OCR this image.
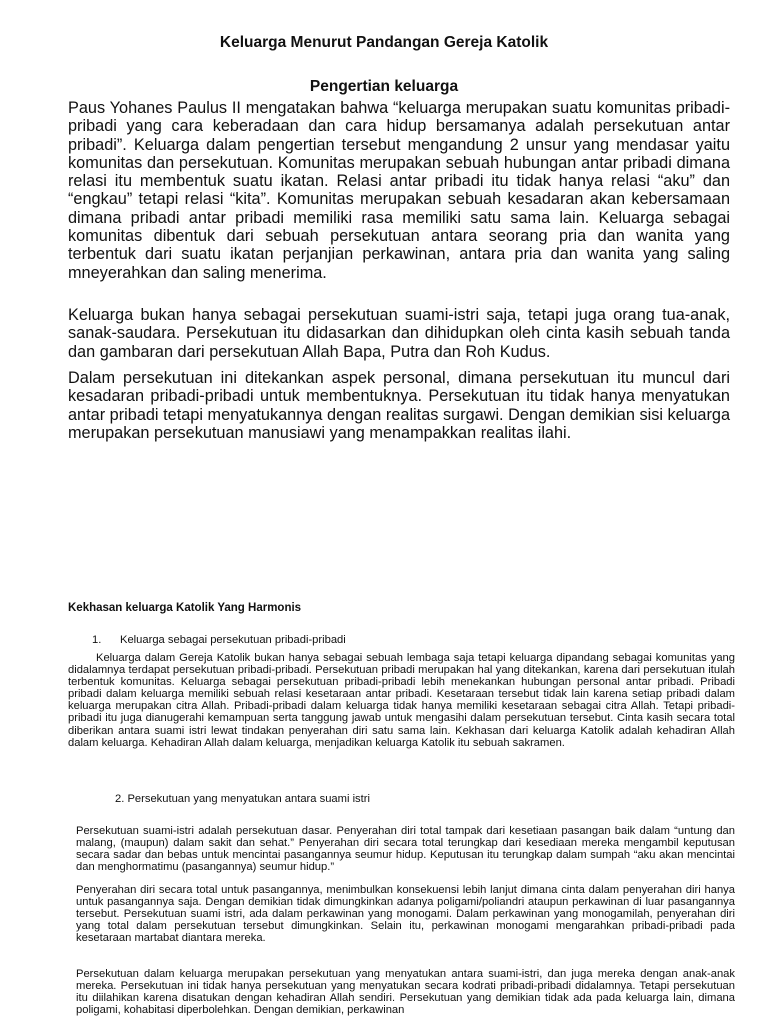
Keluarga Menurut Pandangan Gereja Katolik
Pengertian keluarga

Paus Yohanes Paulus II mengatakan bahwa “keluarga merupakan suatu komunitas pribadi-pribadi yang cara keberadaan dan cara hidup bersamanya adalah persekutuan antar pribadi”. Keluarga dalam pengertian tersebut mengandung 2 unsur yang mendasar yaitu komunitas dan persekutuan. Komunitas merupakan sebuah hubungan antar pribadi dimana relasi itu membentuk suatu ikatan. Relasi antar pribadi itu tidak hanya relasi “aku” dan “engkau” tetapi relasi “kita”. Komunitas merupakan sebuah kesadaran akan kebersamaan dimana pribadi antar pribadi memiliki rasa memiliki satu sama lain. Keluarga sebagai komunitas dibentuk dari sebuah persekutuan antara seorang pria dan wanita yang terbentuk dari suatu ikatan perjanjian perkawinan, antara pria dan wanita yang saling mneyerahkan dan saling menerima.

Keluarga bukan hanya sebagai persekutuan suami-istri saja, tetapi juga orang tua-anak, sanak-saudara. Persekutuan itu didasarkan dan dihidupkan oleh cinta kasih sebuah tanda dan gambaran dari persekutuan Allah Bapa, Putra dan Roh Kudus.

Dalam persekutuan ini ditekankan aspek personal, dimana persekutuan itu muncul dari kesadaran pribadi-pribadi untuk membentuknya. Persekutuan itu tidak hanya menyatukan antar pribadi tetapi menyatukannya dengan realitas surgawi. Dengan demikian sisi keluarga merupakan persekutuan manusiawi yang menampakkan realitas ilahi.

Kekhasan keluarga Katolik Yang Harmonis
1. Keluarga sebagai persekutuan pribadi-pribadi

Keluarga dalam Gereja Katolik bukan hanya sebagai sebuah lembaga saja tetapi keluarga dipandang sebagai komunitas yang didalamnya terdapat persekutuan pribadi-pribadi. Persekutuan pribadi merupakan hal yang ditekankan, karena dari persekutuan itulah terbentuk komunitas. Keluarga sebagai persekutuan pribadi-pribadi lebih menekankan hubungan personal antar pribadi. Pribadi pribadi dalam keluarga memiliki sebuah relasi kesetaraan antar pribadi. Kesetaraan tersebut tidak lain karena setiap pribadi dalam keluarga merupakan citra Allah. Pribadi-pribadi dalam keluarga tidak hanya memiliki kesetaraan sebagai citra Allah. Tetapi pribadi-pribadi itu juga dianugerahi kemampuan serta tanggung jawab untuk mengasihi dalam persekutuan tersebut. Cinta kasih secara total diberikan antara suami istri lewat tindakan penyerahan diri satu sama lain. Kekhasan dari keluarga Katolik adalah kehadiran Allah dalam keluarga. Kehadiran Allah dalam keluarga, menjadikan keluarga Katolik itu sebuah sakramen.

2. Persekutuan yang menyatukan antara suami istri

Persekutuan suami-istri adalah persekutuan dasar. Penyerahan diri total tampak dari kesetiaan pasangan baik dalam “untung dan malang, (maupun) dalam sakit dan sehat.” Penyerahan diri secara total terungkap dari kesediaan mereka mengambil keputusan secara sadar dan bebas untuk mencintai pasangannya seumur hidup. Keputusan itu terungkap dalam sumpah “aku akan mencintai dan menghormatimu (pasangannya) seumur hidup.”

Penyerahan diri secara total untuk pasangannya, menimbulkan konsekuensi lebih lanjut dimana cinta dalam penyerahan diri hanya untuk pasangannya saja. Dengan demikian tidak dimungkinkan adanya poligami/poliandri ataupun perkawinan di luar pasangannya tersebut. Persekutuan suami istri, ada dalam perkawinan yang monogami. Dalam perkawinan yang monogamilah, penyerahan diri yang total dalam persekutuan tersebut dimungkinkan. Selain itu, perkawinan monogami mengarahkan pribadi-pribadi pada kesetaraan martabat diantara mereka.

Persekutuan dalam keluarga merupakan persekutuan yang menyatukan antara suami-istri, dan juga mereka dengan anak-anak mereka. Persekutuan ini tidak hanya persekutuan yang menyatukan secara kodrati pribadi-pribadi didalamnya. Tetapi persekutuan itu diilahikan karena disatukan dengan kehadiran Allah sendiri. Persekutuan yang demikian tidak ada pada keluarga lain, dimana poligami, kohabitasi diperbolehkan. Dengan demikian, perkawinan
